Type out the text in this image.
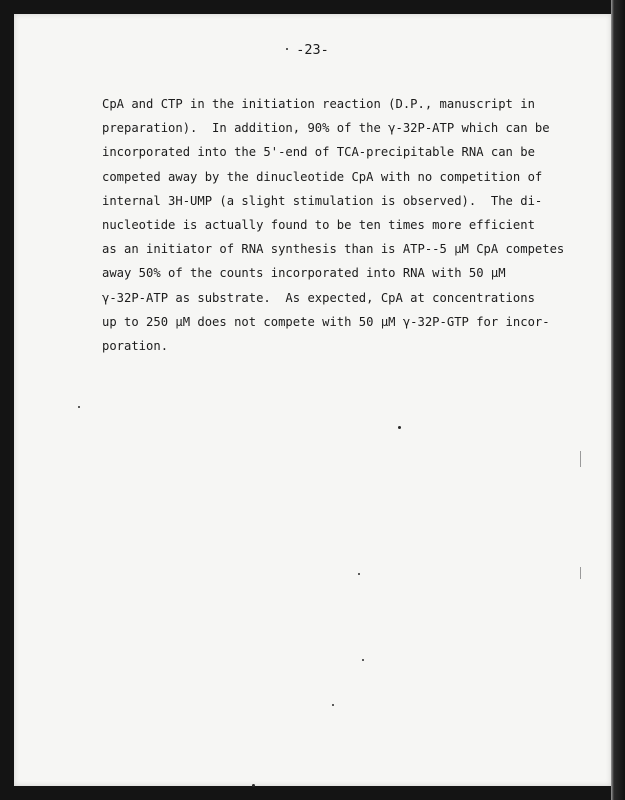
-23-
CpA and CTP in the initiation reaction (D.P., manuscript in
preparation).  In addition, 90% of the γ-32P-ATP which can be
incorporated into the 5'-end of TCA-precipitable RNA can be
competed away by the dinucleotide CpA with no competition of
internal 3H-UMP (a slight stimulation is observed).  The di-
nucleotide is actually found to be ten times more efficient
as an initiator of RNA synthesis than is ATP--5 μM CpA competes
away 50% of the counts incorporated into RNA with 50 μM
γ-32P-ATP as substrate.  As expected, CpA at concentrations
up to 250 μM does not compete with 50 μM γ-32P-GTP for incor-
poration.
